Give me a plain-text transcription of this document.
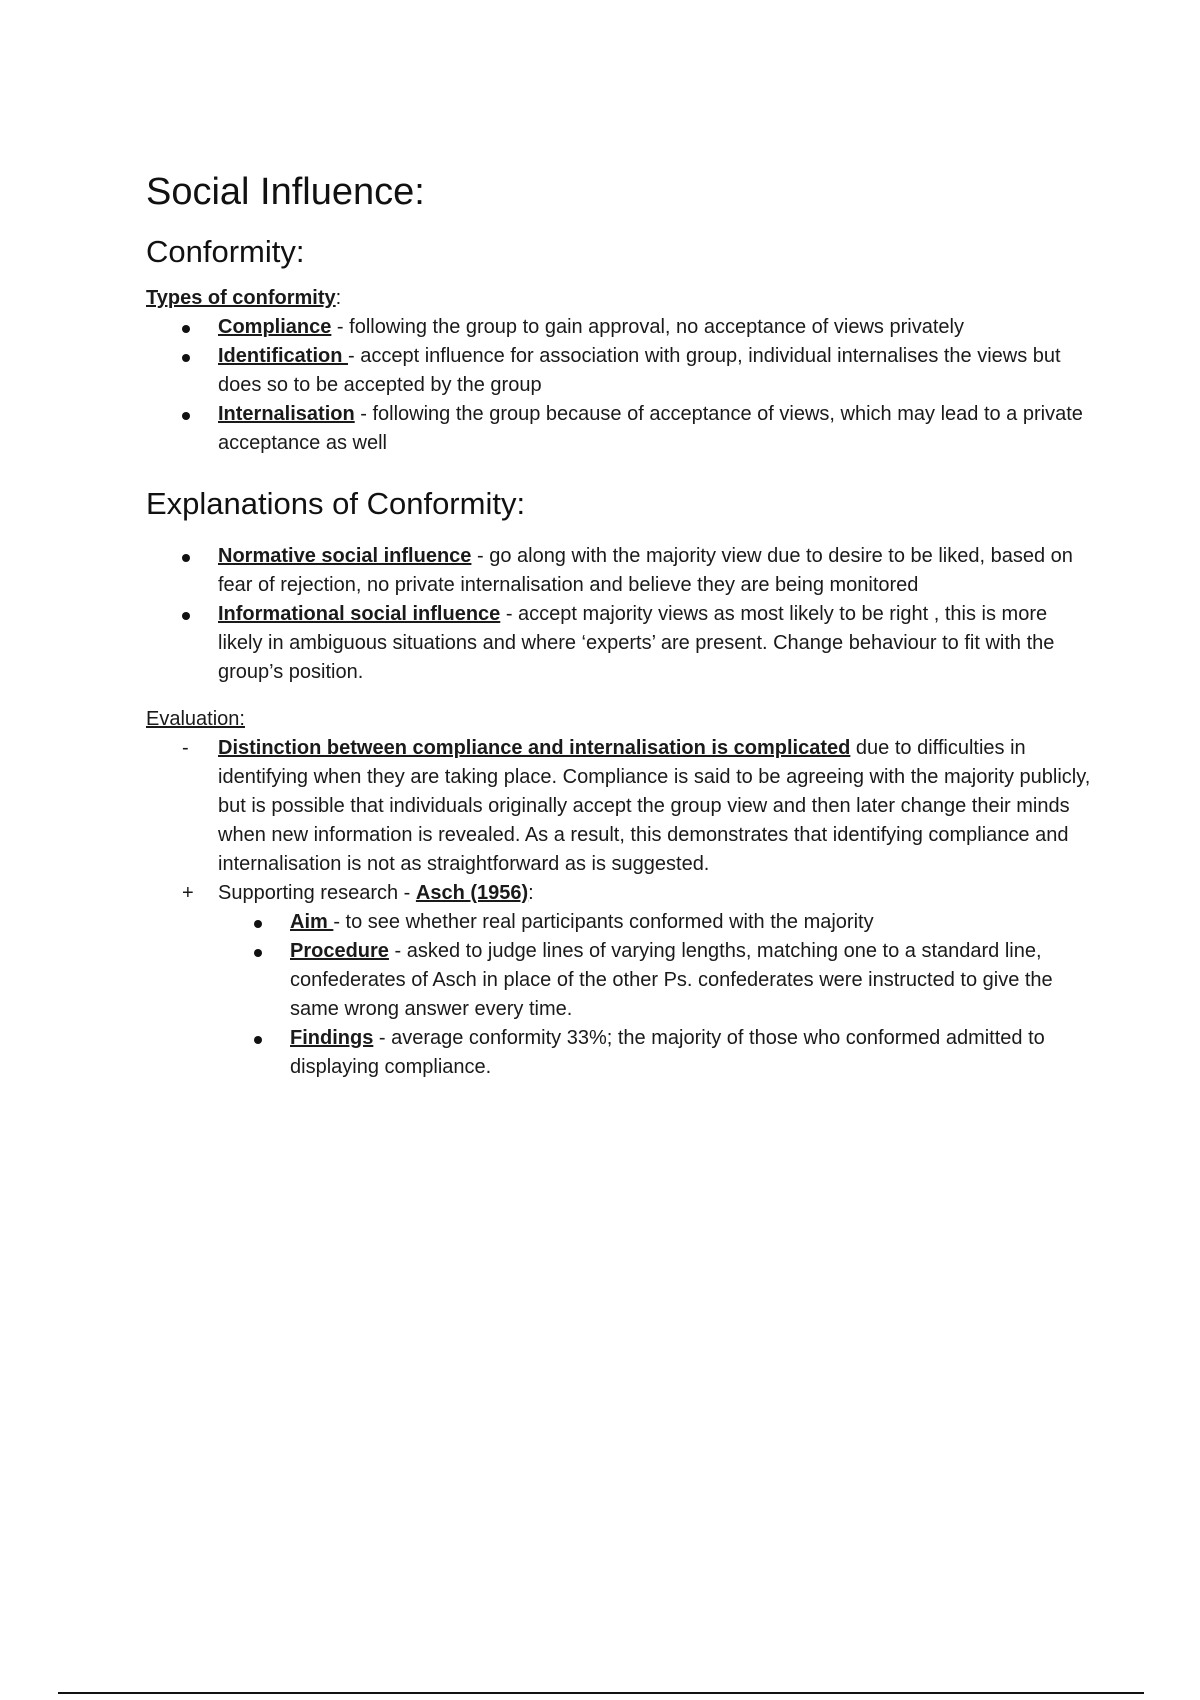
Social Influence:
Conformity:

Types of conformity:

Compliance - following the group to gain approval, no acceptance of views privately
Identification - accept influence for association with group, individual internalises the views but does so to be accepted by the group
Internalisation - following the group because of acceptance of views, which may lead to a private acceptance as well
Explanations of Conformity:
Normative social influence - go along with the majority view due to desire to be liked, based on fear of rejection, no private internalisation and believe they are being monitored
Informational social influence - accept majority views as most likely to be right , this is more likely in ambiguous situations and where ‘experts’ are present. Change behaviour to fit with the group’s position.

Evaluation:

-	Distinction between compliance and internalisation is complicated due to difficulties in identifying when they are taking place. Compliance is said to be agreeing with the majority publicly, but is possible that individuals originally accept the group view and then later change their minds when new information is revealed. As a result, this demonstrates that identifying compliance and internalisation is not as straightforward as is suggested.
+	Supporting research - Asch (1956):
Aim - to see whether real participants conformed with the majority
Procedure - asked to judge lines of varying lengths, matching one to a standard line, confederates of Asch in place of the other Ps. confederates were instructed to give the same wrong answer every time.
Findings - average conformity 33%; the majority of those who conformed admitted to displaying compliance.
